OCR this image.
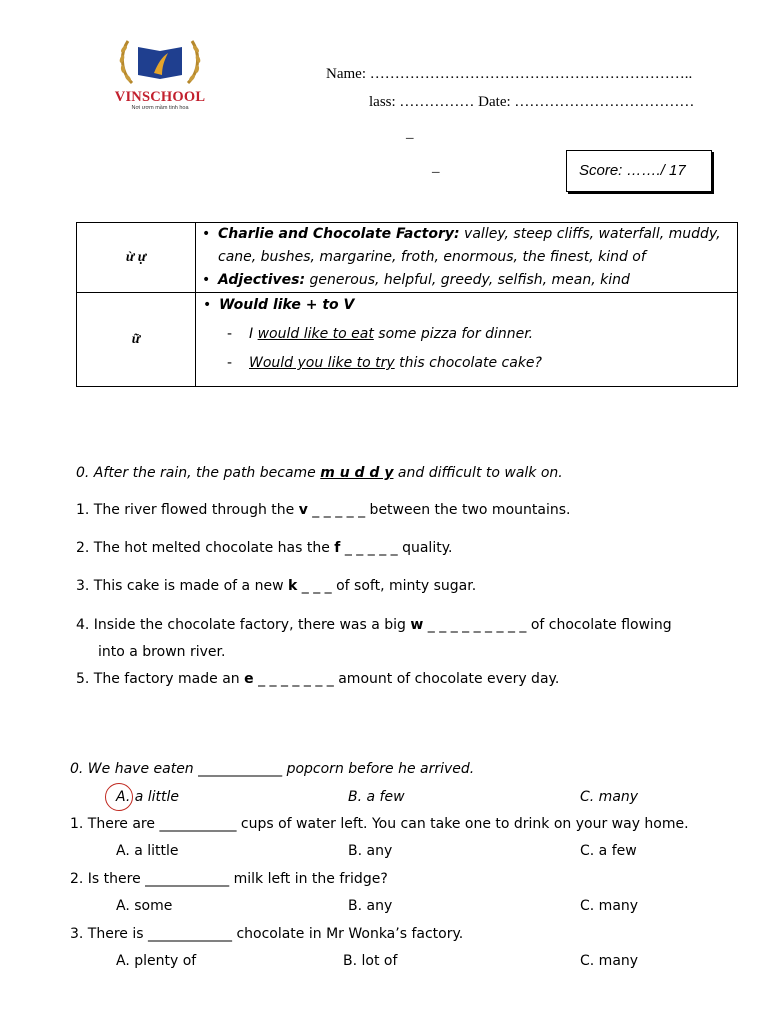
VINSCHOOL
Nơi ươm mầm tinh hoa
Name: ………………………………………………………..
lass: …………… Date: ………………………………
–
–	Score: ……./ 17
ừ ự	• Charlie and Chocolate Factory: valley, steep cliffs, waterfall, muddy, cane, bushes, margarine, froth, enormous, the finest, kind of
• Adjectives: generous, helpful, greedy, selfish, mean, kind

ữ	• Would like + to V
- I would like to eat some pizza for dinner.
- Would you like to try this chocolate cake?
0. After the rain, the path became m u d d y and difficult to walk on.
1. The river flowed through the v _ _ _ _ _ between the two mountains.
2. The hot melted chocolate has the f _ _ _ _ _ quality.
3. This cake is made of a new k _ _ _ of soft, minty sugar.
4. Inside the chocolate factory, there was a big w _ _ _ _ _ _ _ _ _ of chocolate flowing
into a brown river.
5. The factory made an e _ _ _ _ _ _ _ amount of chocolate every day.
0. We have eaten ____________ popcorn before he arrived.
A. a little	B. a few	C. many
1. There are ___________ cups of water left. You can take one to drink on your way home.
A. a little	B. any	C. a few
2. Is there ____________ milk left in the fridge?
A. some	B. any	C. many
3. There is ____________ chocolate in Mr Wonka’s factory.
A. plenty of	B. lot of	C. many
